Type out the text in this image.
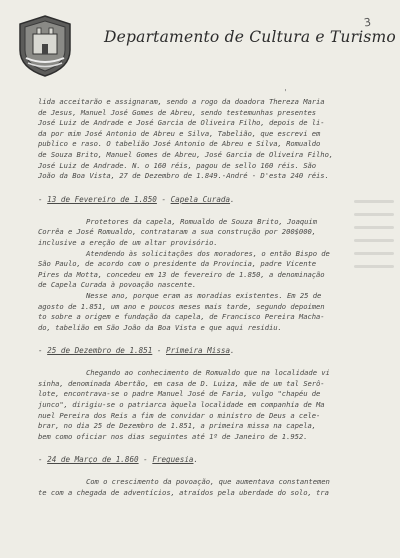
Departamento de Cultura e Turismo
3
'
lida acceitarão e assignaram, sendo a rogo da doadora Thereza Maria
de Jesus, Manuel José Gomes de Abreu, sendo testemunhas presentes
José Luiz de Andrade e José Garcia de Oliveira Filho, depois de li-
da por mim José Antonio de Abreu e Silva, Tabelião, que escrevi em
publico e raso. O tabelião José Antonio de Abreu e Silva, Romualdo
de Souza Brito, Manuel Gomes de Abreu, José Garcia de Oliveira Filho,
José Luiz de Andrade. N. o 160 réis, pagou de sello 160 réis. São
João da Boa Vista, 27 de Dezembro de 1.849.-André - D'esta 240 réis.
- 13 de Fevereiro de 1.850 - Capela Curada.
Protetores da capela, Romualdo de Souza Brito, Joaquim
Corrêa e José Romualdo, contrataram a sua construção por 200$000,
inclusive a ereção de um altar provisório.
Atendendo às solicitações dos moradores, o então Bispo de
São Paulo, de acordo com o presidente da Provincia, padre Vicente
Pires da Motta, concedeu em 13 de fevereiro de 1.850, a denominação
de Capela Curada à povoação nascente.
Nesse ano, porque eram as moradias existentes. Em 25 de
agosto de 1.851, um ano e poucos meses mais tarde, segundo depoimen
to sobre a origem e fundação da capela, de Francisco Pereira Macha-
do, tabelião em São João da Boa Vista e que aqui residiu.
- 25 de Dezembro de 1.851 - Primeira Missa.
Chegando ao conhecimento de Romualdo que na localidade vi
sinha, denominada Abertão, em casa de D. Luiza, mãe de um tal Serô-
lote, encontrava-se o padre Manuel José de Faria, vulgo "chapéu de
junco", dirigiu-se o patriarca àquela localidade em companhia de Ma
nuel Pereira dos Reis a fim de convidar o ministro de Deus a cele-
brar, no dia 25 de Dezembro de 1.851, a primeira missa na capela,
bem como oficiar nos dias seguintes até 1º de Janeiro de 1.952.
- 24 de Março de 1.860 - Freguesia.
Com o crescimento da povoação, que aumentava constantemen
te com a chegada de adventícios, atraídos pela uberdade do solo, tra
